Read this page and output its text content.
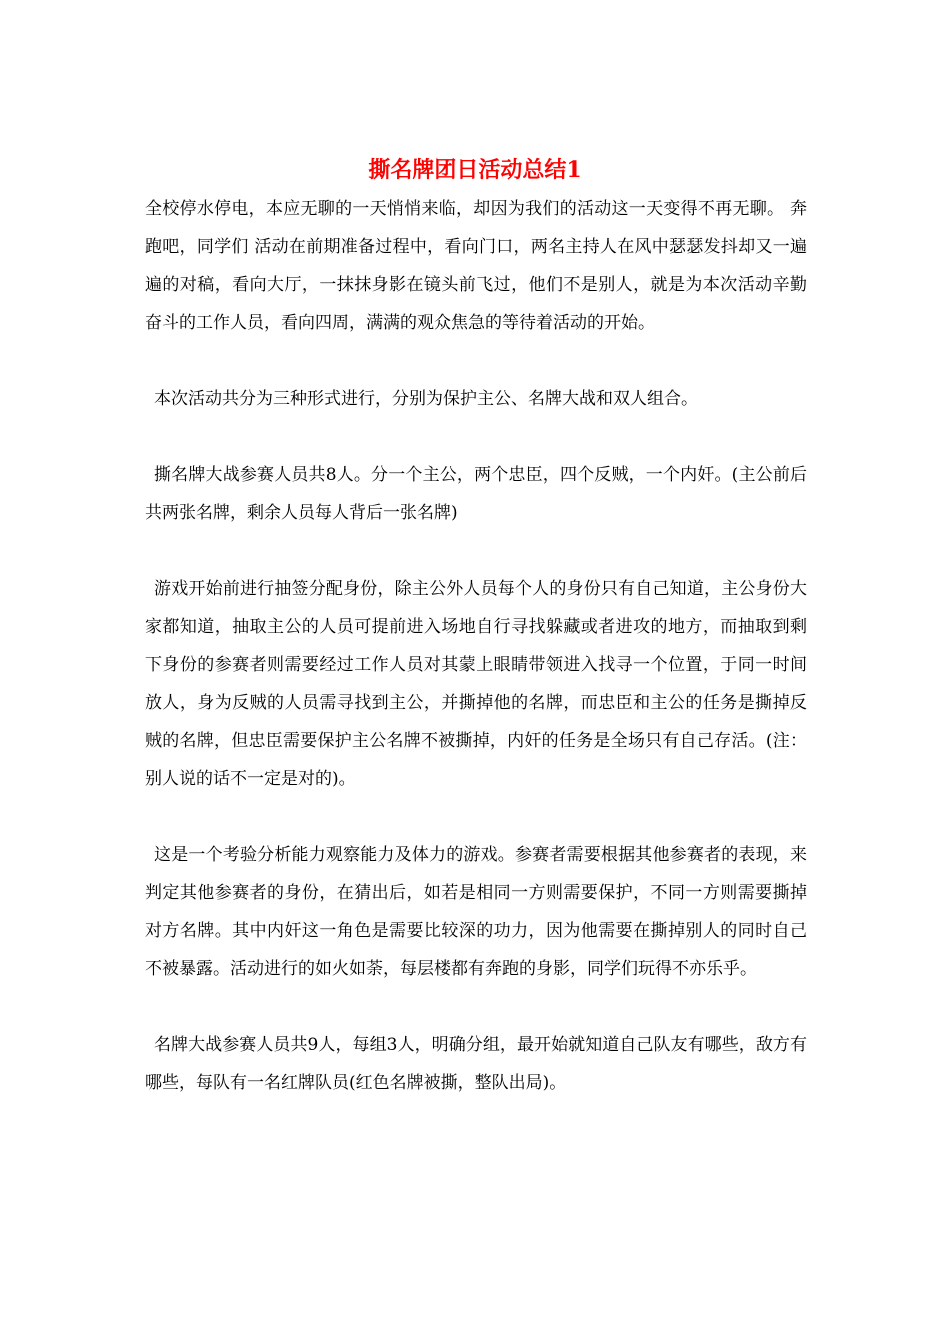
撕名牌团日活动总结1

全校停水停电，本应无聊的一天悄悄来临，却因为我们的活动这一天变得不再无聊。 奔跑吧，同学们 活动在前期准备过程中，看向门口，两名主持人在风中瑟瑟发抖却又一遍遍的对稿，看向大厅，一抹抹身影在镜头前飞过，他们不是别人，就是为本次活动辛勤奋斗的工作人员，看向四周，满满的观众焦急的等待着活动的开始。

本次活动共分为三种形式进行，分别为保护主公、名牌大战和双人组合。

撕名牌大战参赛人员共8人。分一个主公，两个忠臣，四个反贼，一个内奸。(主公前后共两张名牌，剩余人员每人背后一张名牌)

游戏开始前进行抽签分配身份，除主公外人员每个人的身份只有自己知道，主公身份大家都知道，抽取主公的人员可提前进入场地自行寻找躲藏或者进攻的地方，而抽取到剩下身份的参赛者则需要经过工作人员对其蒙上眼睛带领进入找寻一个位置，于同一时间放人，身为反贼的人员需寻找到主公，并撕掉他的名牌，而忠臣和主公的任务是撕掉反贼的名牌，但忠臣需要保护主公名牌不被撕掉，内奸的任务是全场只有自己存活。(注：别人说的话不一定是对的)。

这是一个考验分析能力观察能力及体力的游戏。参赛者需要根据其他参赛者的表现，来判定其他参赛者的身份，在猜出后，如若是相同一方则需要保护，不同一方则需要撕掉对方名牌。其中内奸这一角色是需要比较深的功力，因为他需要在撕掉别人的同时自己不被暴露。活动进行的如火如荼，每层楼都有奔跑的身影，同学们玩得不亦乐乎。

名牌大战参赛人员共9人，每组3人，明确分组，最开始就知道自己队友有哪些，敌方有哪些，每队有一名红牌队员(红色名牌被撕，整队出局)。
